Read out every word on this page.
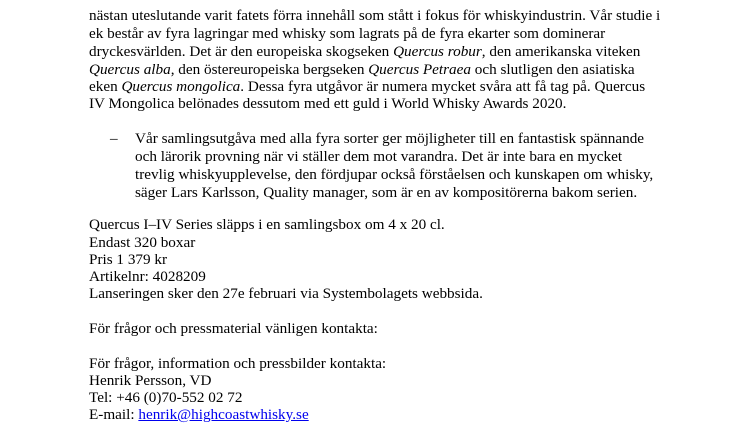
nästan uteslutande varit fatets förra innehåll som stått i fokus för whiskyindustrin. Vår studie i
ek består av fyra lagringar med whisky som lagrats på de fyra ekarter som dominerar
dryckesvärlden. Det är den europeiska skogseken Quercus robur, den amerikanska viteken
Quercus alba, den östereuropeiska bergseken Quercus Petraea och slutligen den asiatiska
eken Quercus mongolica. Dessa fyra utgåvor är numera mycket svåra att få tag på. Quercus
IV Mongolica belönades dessutom med ett guld i World Whisky Awards 2020.
– Vår samlingsutgåva med alla fyra sorter ger möjligheter till en fantastisk spännande
och lärorik provning när vi ställer dem mot varandra. Det är inte bara en mycket
trevlig whiskyupplevelse, den fördjupar också förståelsen och kunskapen om whisky,
säger Lars Karlsson, Quality manager, som är en av kompositörerna bakom serien.
Quercus I–IV Series släpps i en samlingsbox om 4 x 20 cl.
Endast 320 boxar
Pris 1 379 kr
Artikelnr: 4028209
Lanseringen sker den 27e februari via Systembolagets webbsida.
För frågor och pressmaterial vänligen kontakta:
För frågor, information och pressbilder kontakta:
Henrik Persson, VD
Tel: +46 (0)70-552 02 72
E-mail: henrik@highcoastwhisky.se
